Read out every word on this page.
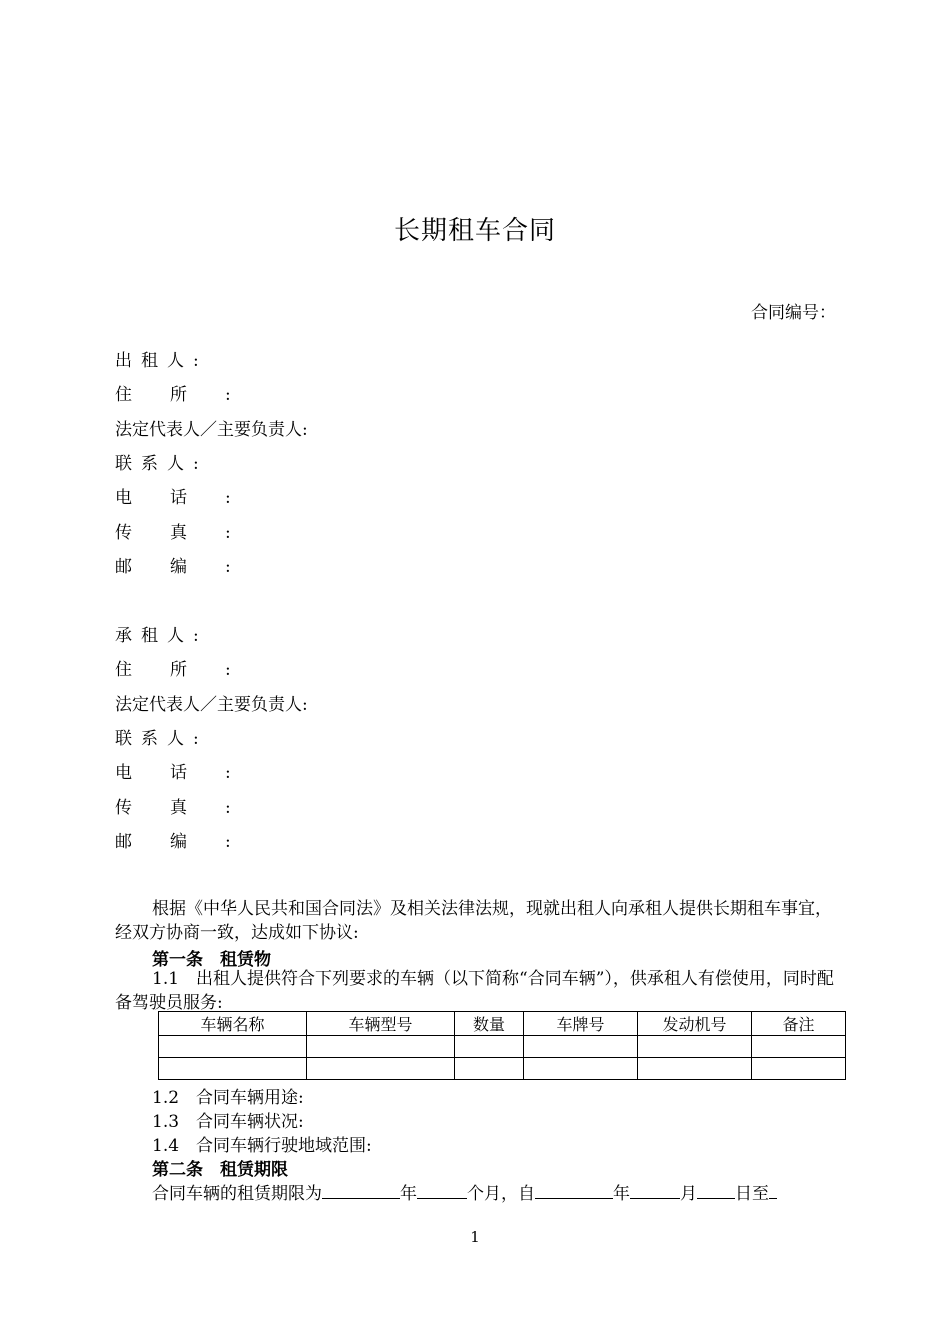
长期租车合同
合同编号：
出租人:
住所:
法定代表人／主要负责人:
联系人:
电话:
传真:
邮编:
承租人:
住所:
法定代表人／主要负责人:
联系人:
电话:
传真:
邮编:
根据《中华人民共和国合同法》及相关法律法规，现就出租人向承租人提供长期租车事宜，经双方协商一致，达成如下协议:
第一条　租赁物
1.1　出租人提供符合下列要求的车辆（以下简称“合同车辆”），供承租人有偿使用，同时配备驾驶员服务:
车辆名称	车辆型号	数量	车牌号	发动机号	备注

1.2　合同车辆用途:
1.3　合同车辆状况:
1.4　合同车辆行驶地域范围:
第二条　租赁期限
合同车辆的租赁期限为	年	个月，自	年	月 日至
1
